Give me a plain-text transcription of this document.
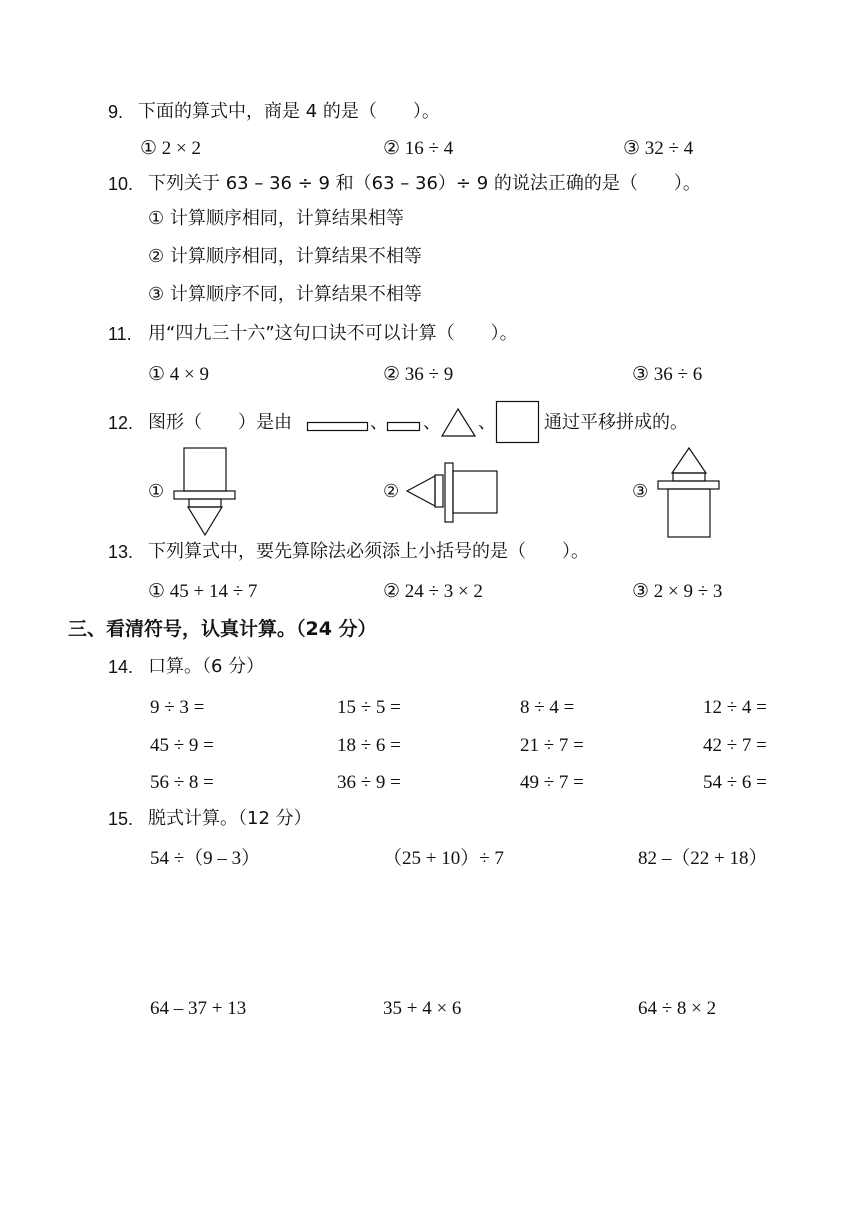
9. 下面的算式中，商是 4 的是（　　）。
① 2 × 2	② 16 ÷ 4	③ 32 ÷ 4
10. 下列关于 63 – 36 ÷ 9 和（63 – 36）÷ 9 的说法正确的是（　　）。
① 计算顺序相同，计算结果相等
② 计算顺序相同，计算结果不相等
③ 计算顺序不同，计算结果不相等
11. 用“四九三十六”这句口诀不可以计算（　　）。
① 4 × 9	② 36 ÷ 9	③ 36 ÷ 6
12. 图形（　　）是由	、 、 、	通过平移拼成的。
①	②	③
13. 下列算式中，要先算除法必须添上小括号的是（　　）。
① 45 + 14 ÷ 7	② 24 ÷ 3 × 2	③ 2 × 9 ÷ 3
三、看清符号，认真计算。（24 分）
14. 口算。（6 分）
9 ÷ 3 =	15 ÷ 5 =	8 ÷ 4 =	12 ÷ 4 =
45 ÷ 9 =	18 ÷ 6 =	21 ÷ 7 =	42 ÷ 7 =
56 ÷ 8 =	36 ÷ 9 =	49 ÷ 7 =	54 ÷ 6 =
15. 脱式计算。（12 分）
54 ÷（9 – 3）	（25 + 10）÷ 7	82 –（22 + 18）
64 – 37 + 13	35 + 4 × 6	64 ÷ 8 × 2
